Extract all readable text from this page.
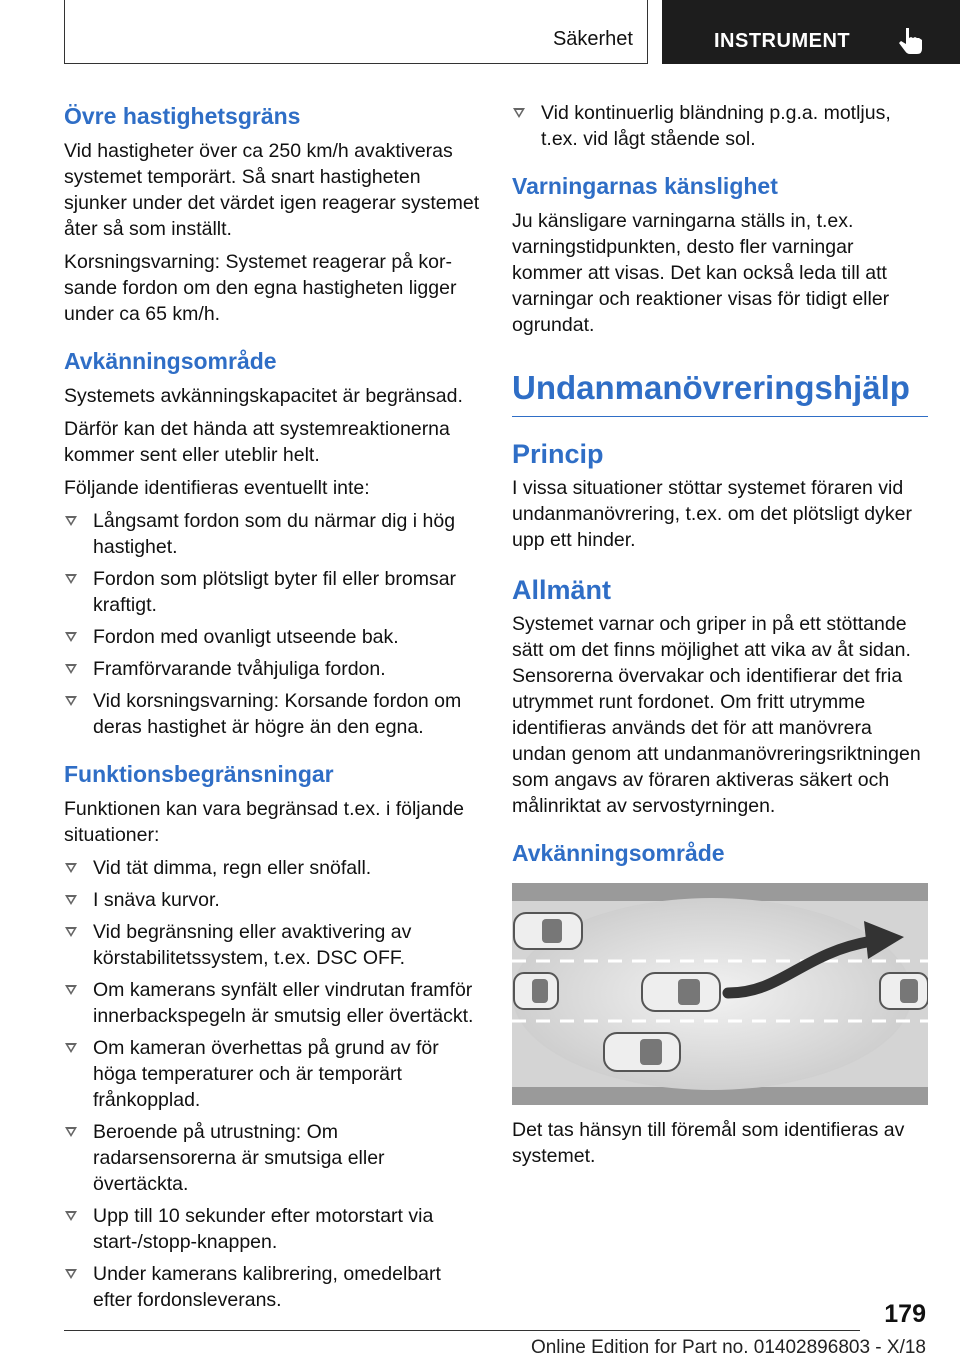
Säkerhet	INSTRUMENT
Övre hastighetsgräns

Vid hastigheter över ca 250 km/h avaktiveras systemet temporärt. Så snart hastigheten sjunker under det värdet igen reagerar systemet åter så som inställt.

Korsningsvarning: Systemet reagerar på korsande fordon om den egna hastigheten ligger under ca 65 km/h.

Avkänningsområde

Systemets avkänningskapacitet är begränsad.

Därför kan det hända att systemreaktionerna kommer sent eller uteblir helt.

Följande identifieras eventuellt inte:

Långsamt fordon som du närmar dig i hög hastighet.
Fordon som plötsligt byter fil eller bromsar kraftigt.
Fordon med ovanligt utseende bak.
Framförvarande tvåhjuliga fordon.
Vid korsningsvarning: Korsande fordon om deras hastighet är högre än den egna.
Funktionsbegränsningar

Funktionen kan vara begränsad t.ex. i följande situationer:

Vid tät dimma, regn eller snöfall.
I snäva kurvor.
Vid begränsning eller avaktivering av körstabilitetssystem, t.ex. DSC OFF.
Om kamerans synfält eller vindrutan framför innerbackspegeln är smutsig eller övertäckt.
Om kameran överhettas på grund av för höga temperaturer och är temporärt frånkopplad.
Beroende på utrustning: Om radarsensorerna är smutsiga eller övertäckta.
Upp till 10 sekunder efter motorstart via start-/stopp-knappen.
Under kamerans kalibrering, omedelbart efter fordonsleverans.
Vid kontinuerlig bländning p.g.a. motljus, t.ex. vid lågt stående sol.
Varningarnas känslighet

Ju känsligare varningarna ställs in, t.ex. varningstidpunkten, desto fler varningar kommer att visas. Det kan också leda till att varningar och reaktioner visas för tidigt eller ogrundat.

Undanmanövreringshjälp
Princip

I vissa situationer stöttar systemet föraren vid undanmanövrering, t.ex. om det plötsligt dyker upp ett hinder.

Allmänt

Systemet varnar och griper in på ett stöttande sätt om det finns möjlighet att vika av åt sidan. Sensorerna övervakar och identifierar det fria utrymmet runt fordonet. Om fritt utrymme identifieras används det för att manövrera undan genom att undanmanövreringsriktningen som angavs av föraren aktiveras säkert och målinriktat av servostyrningen.

Avkänningsområde

Det tas hänsyn till föremål som identifieras av systemet.

179
Online Edition for Part no. 01402896803 - X/18
